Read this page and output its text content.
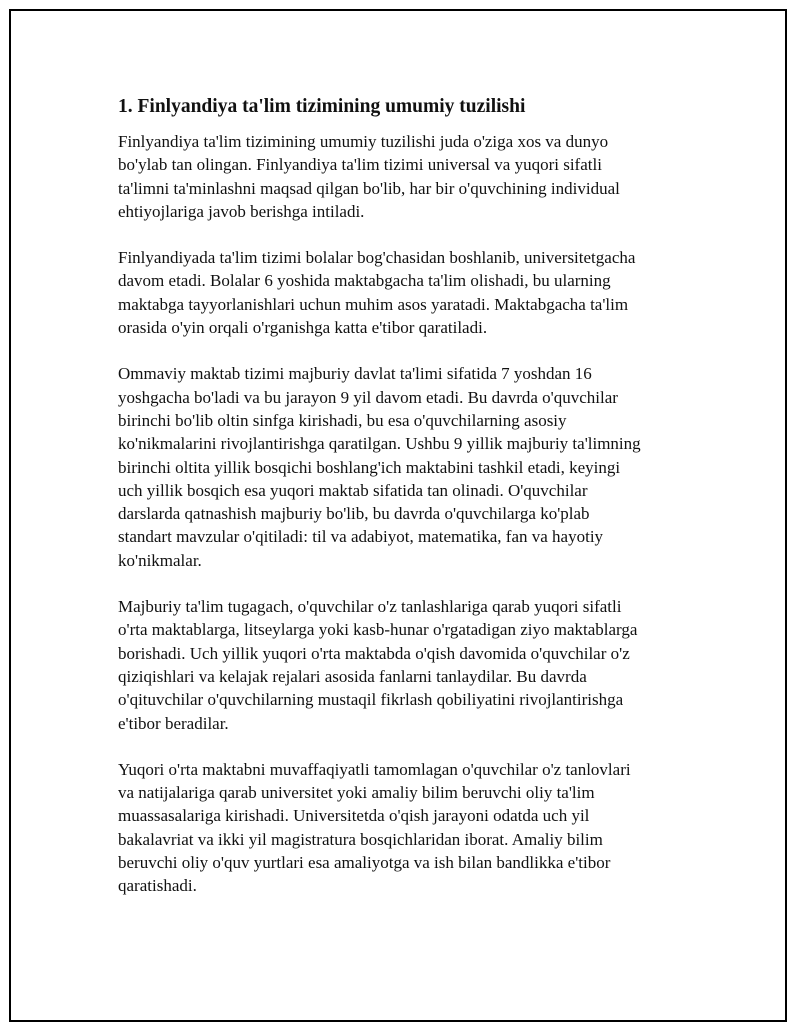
1. Finlyandiya ta'lim tizimining umumiy tuzilishi

Finlyandiya ta'lim tizimining umumiy tuzilishi juda o'ziga xos va dunyo
bo'ylab tan olingan. Finlyandiya ta'lim tizimi universal va yuqori sifatli
ta'limni ta'minlashni maqsad qilgan bo'lib, har bir o'quvchining individual
ehtiyojlariga javob berishga intiladi.

Finlyandiyada ta'lim tizimi bolalar bog'chasidan boshlanib, universitetgacha
davom etadi. Bolalar 6 yoshida maktabgacha ta'lim olishadi, bu ularning
maktabga tayyorlanishlari uchun muhim asos yaratadi. Maktabgacha ta'lim
orasida o'yin orqali o'rganishga katta e'tibor qaratiladi.

Ommaviy maktab tizimi majburiy davlat ta'limi sifatida 7 yoshdan 16
yoshgacha bo'ladi va bu jarayon 9 yil davom etadi. Bu davrda o'quvchilar
birinchi bo'lib oltin sinfga kirishadi, bu esa o'quvchilarning asosiy
ko'nikmalarini rivojlantirishga qaratilgan. Ushbu 9 yillik majburiy ta'limning
birinchi oltita yillik bosqichi boshlang'ich maktabini tashkil etadi, keyingi
uch yillik bosqich esa yuqori maktab sifatida tan olinadi. O'quvchilar
darslarda qatnashish majburiy bo'lib, bu davrda o'quvchilarga ko'plab
standart mavzular o'qitiladi: til va adabiyot, matematika, fan va hayotiy
ko'nikmalar.

Majburiy ta'lim tugagach, o'quvchilar o'z tanlashlariga qarab yuqori sifatli
o'rta maktablarga, litseylarga yoki kasb-hunar o'rgatadigan ziyo maktablarga
borishadi. Uch yillik yuqori o'rta maktabda o'qish davomida o'quvchilar o'z
qiziqishlari va kelajak rejalari asosida fanlarni tanlaydilar. Bu davrda
o'qituvchilar o'quvchilarning mustaqil fikrlash qobiliyatini rivojlantirishga
e'tibor beradilar.

Yuqori o'rta maktabni muvaffaqiyatli tamomlagan o'quvchilar o'z tanlovlari
va natijalariga qarab universitet yoki amaliy bilim beruvchi oliy ta'lim
muassasalariga kirishadi. Universitetda o'qish jarayoni odatda uch yil
bakalavriat va ikki yil magistratura bosqichlaridan iborat. Amaliy bilim
beruvchi oliy o'quv yurtlari esa amaliyotga va ish bilan bandlikka e'tibor
qaratishadi.
